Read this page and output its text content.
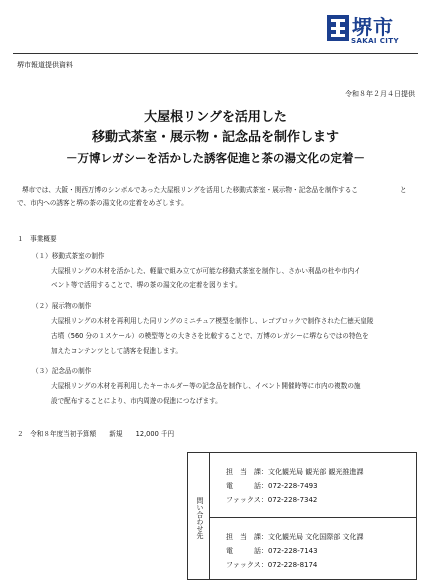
堺市
SAKAI CITY
堺市報道提供資料
令和８年２月４日提供
大屋根リングを活用した
移動式茶室・展示物・記念品を制作します
－万博レガシーを活かした誘客促進と茶の湯文化の定着－
堺市では、大阪・関西万博のシンボルであった大屋根リングを活用した移動式茶室・展示物・記念品を制作するこ	と
で、市内への誘客と堺の茶の湯文化の定着をめざします。
１　事業概要
（１）移動式茶室の制作
大屋根リングの木材を活かした、軽量で組み立てが可能な移動式茶室を制作し、さかい利晶の杜や市内イ
ベント等で活用することで、堺の茶の湯文化の定着を図ります。
（２）展示物の制作
大屋根リングの木材を再利用した同リングのミニチュア模型を制作し、レゴブロックで制作された仁徳天皇陵
古墳（560 分の１スケール）の模型等との大きさを比較することで、万博のレガシーに堺ならではの特色を
加えたコンテンツとして誘客を促進します。
（３）記念品の制作
大屋根リングの木材を再利用したキーホルダー等の記念品を制作し、イベント開催時等に市内の複数の施
設で配布することにより、市内周遊の促進につなげます。
２　令和８年度当初予算額　　新規　　12,000 千円
問い合わせ先
担　当　課：文化観光局 観光部 観光推進課
電　　　話：072-228-7493
ファックス：072-228-7342
担　当　課：文化観光局 文化国際部 文化課
電　　　話：072-228-7143
ファックス：072-228-8174
